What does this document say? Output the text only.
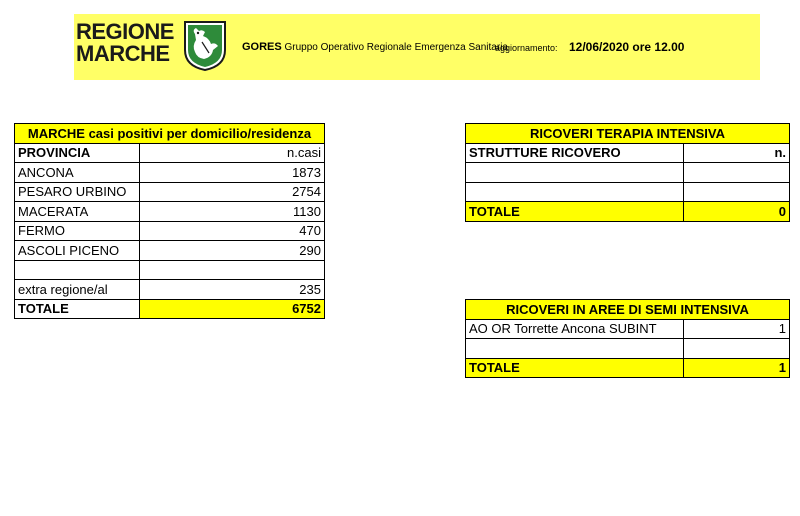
REGIONE
MARCHE	GORES Gruppo Operativo Regionale Emergenza Sanitaria
aggiornamento: 12/06/2020 ore 12.00
MARCHE casi positivi per domicilio/residenza	
PROVINCIA	n.casi
ANCONA	1873
PESARO URBINO	2754
MACERATA	1130
FERMO	470
ASCOLI PICENO	290

extra regione/al	235
TOTALE	6752
RICOVERI TERAPIA INTENSIVA	
STRUTTURE RICOVERO	n.

TOTALE	0
RICOVERI IN AREE DI SEMI INTENSIVA	
AO OR Torrette Ancona SUBINT	1

TOTALE	1
